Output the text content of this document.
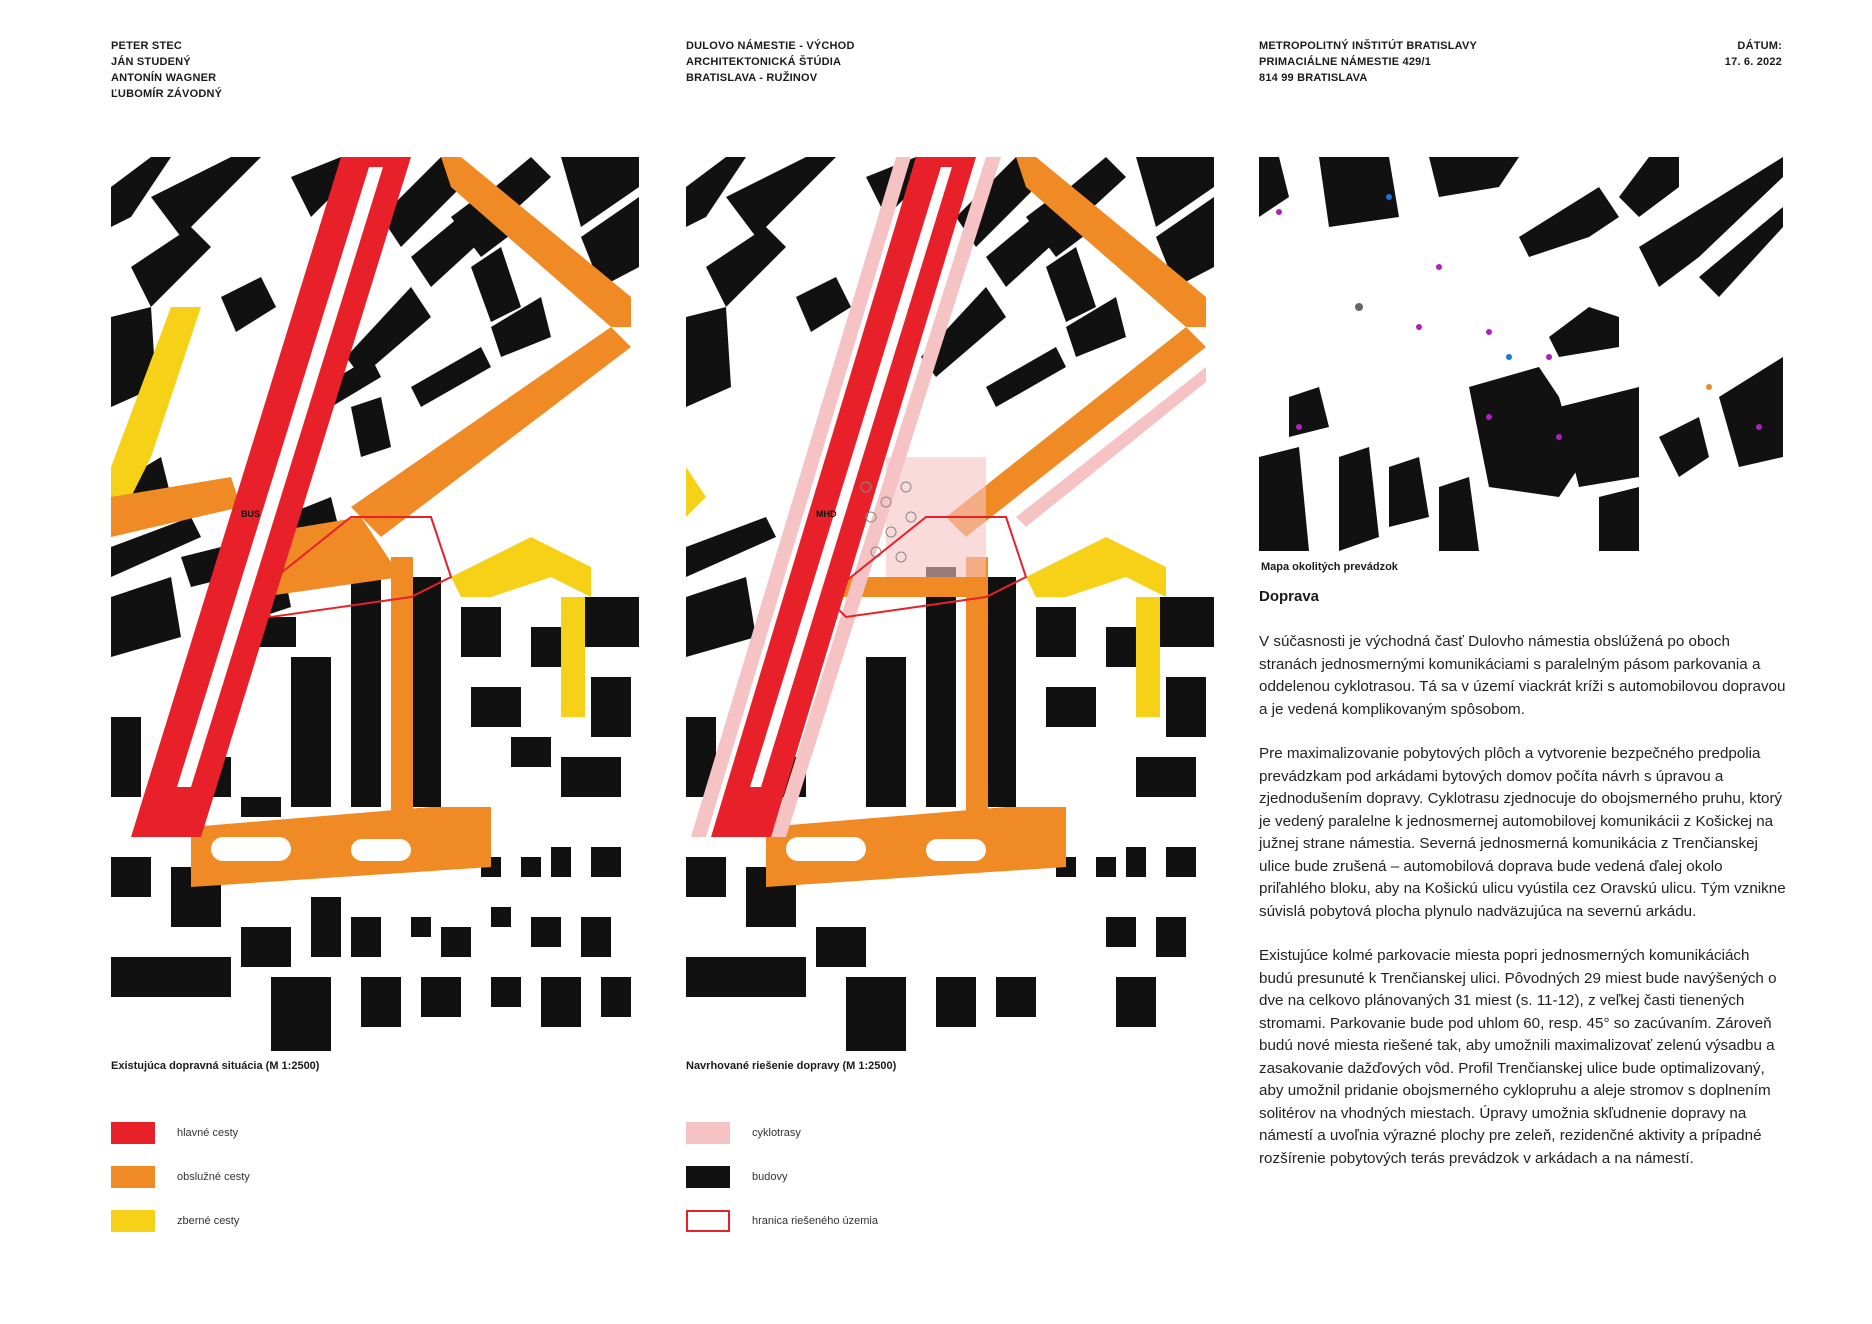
PETER STEC
JÁN STUDENÝ
ANTONÍN WAGNER
ĽUBOMÍR ZÁVODNÝ
DULOVO NÁMESTIE - VÝCHOD
ARCHITEKTONICKÁ ŠTÚDIA
BRATISLAVA - RUŽINOV
METROPOLITNÝ INŠTITÚT BRATISLAVY
PRIMACIÁLNE NÁMESTIE 429/1
814 99 BRATISLAVA
DÁTUM:
17. 6. 2022
BUS	MHD
Existujúca dopravná situácia (M 1:2500)	Navrhované riešenie dopravy (M 1:2500)
Mapa okolitých prevádzok
hlavné cesty
obslužné cesty
zberné cesty
cyklotrasy
budovy
hranica riešeného územia
Doprava

V súčasnosti je východná časť Dulovho námestia obslúžená po oboch stranách jednosmernými komunikáciami s paralelným pásom parkovania a oddelenou cyklotrasou. Tá sa v území viackrát kríži s automobilovou dopravou a je vedená komplikovaným spôsobom.

Pre maximalizovanie pobytových plôch a vytvorenie bezpečného predpolia prevádzkam pod arkádami bytových domov počíta návrh s úpravou a zjednodušením dopravy. Cyklotrasu zjednocuje do obojsmerného pruhu, ktorý je vedený paralelne k jednosmernej automobilovej komunikácii z Košickej na južnej strane námestia. Severná jednosmerná komunikácia z Trenčianskej ulice bude zrušená – automobilová doprava bude vedená ďalej okolo priľahlého bloku, aby na Košickú ulicu vyústila cez Oravskú ulicu. Tým vznikne súvislá pobytová plocha plynulo nadväzujúca na severnú arkádu.

Existujúce kolmé parkovacie miesta popri jednosmerných komunikáciách budú presunuté k Trenčianskej ulici. Pôvodných 29 miest bude navýšených o dve na celkovo plánovaných 31 miest (s. 11-12), z veľkej časti tienených stromami. Parkovanie bude pod uhlom 60, resp. 45° so zacúvaním. Zároveň budú nové miesta riešené tak, aby umožnili maximalizovať zelenú výsadbu a zasakovanie dažďových vôd. Profil Trenčianskej ulice bude optimalizovaný, aby umožnil pridanie obojsmerného cyklopruhu a aleje stromov s doplnením solitérov na vhodných miestach. Úpravy umožnia skľudnenie dopravy na námestí a uvoľnia výrazné plochy pre zeleň, rezidenčné aktivity a prípadné rozšírenie pobytových terás prevádzok v arkádach a na námestí.
